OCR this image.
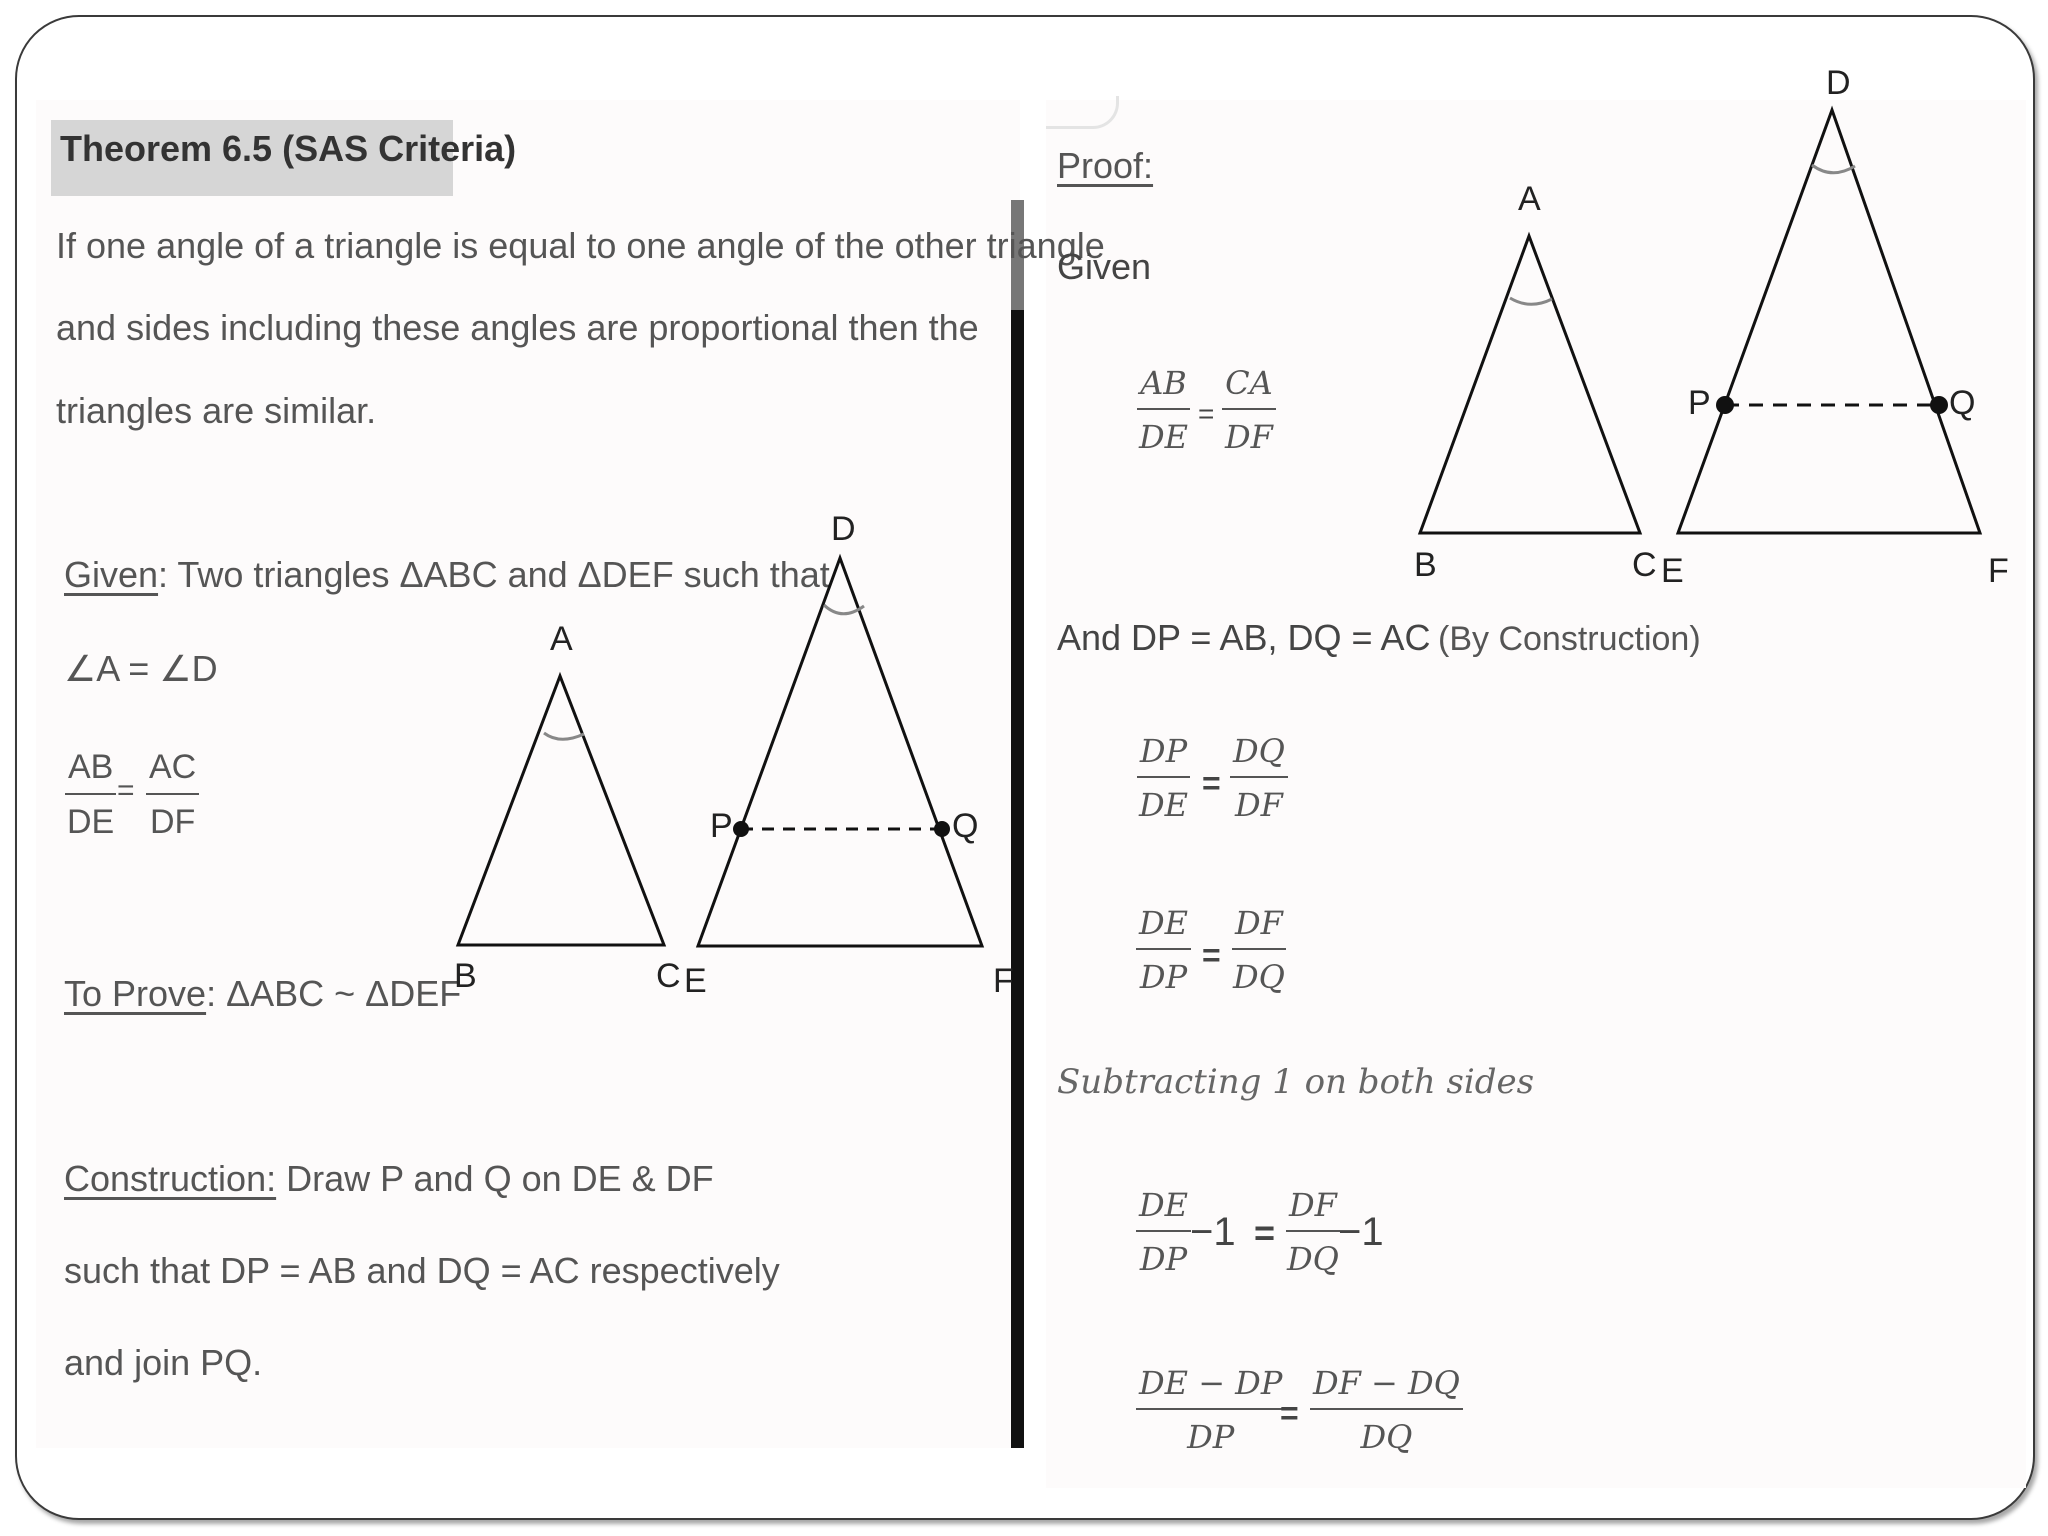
Theorem 6.5 (SAS Criteria)
If one angle of a triangle is equal to one angle of the other triangle
and sides including these angles are proportional then the
triangles are similar.
Given: Two triangles ΔABC and ΔDEF such that
∠A = ∠D
$\frac{AB}{DE} = \frac{AC}{DF}$
To Prove: ΔABC ~ ΔDEF
Construction: Draw P and Q on DE & DF
such that DP = AB and DQ = AC respectively
and join PQ.
A
B	C
D
E	F
P	Q
Proof:
Given
$\frac{AB}{DE} = \frac{CA}{DF}$
And DP = AB, DQ = AC (By Construction)
$\frac{DP}{DE} = \frac{DQ}{DF}$
$\frac{DE}{DP} = \frac{DF}{DQ}$
Subtracting 1 on both sides
$\frac{DE}{DP}$
$-1 = \frac{DF}{DQ}$
−1
$\frac{DE - DP}{DP}$
= $\frac{DF - DQ}{DQ}$
A
B	C
D
E	F
P	Q
